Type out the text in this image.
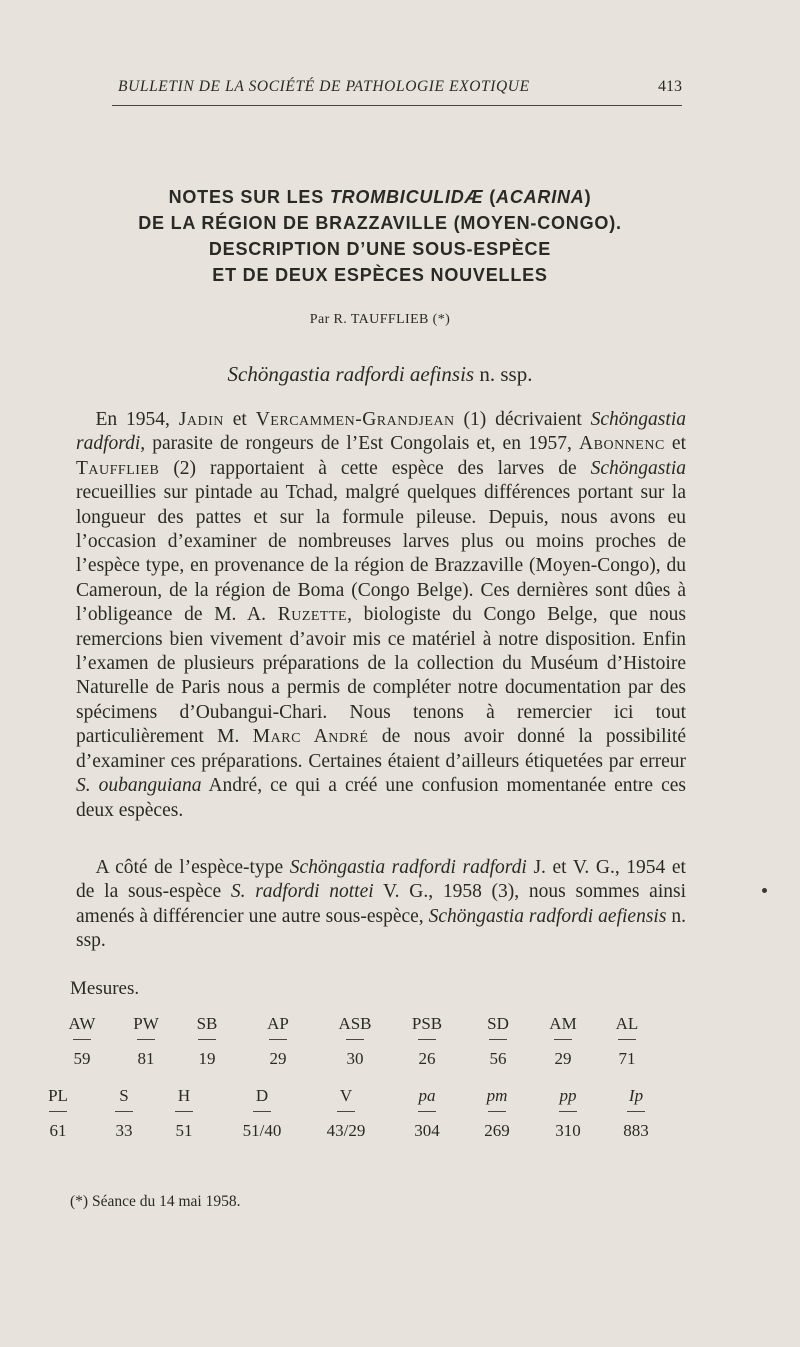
BULLETIN DE LA SOCIÉTÉ DE PATHOLOGIE EXOTIQUE	413
NOTES SUR LES TROMBICULIDÆ (ACARINA)
DE LA RÉGION DE BRAZZAVILLE (MOYEN-CONGO).
DESCRIPTION D’UNE SOUS-ESPÈCE
ET DE DEUX ESPÈCES NOUVELLES
Par R. TAUFFLIEB (*)
Schöngastia radfordi aefinsis n. ssp.

 En 1954, Jadin et Vercammen-Grandjean (1) décrivaient Schöngastia radfordi, parasite de rongeurs de l’Est Congolais et, en 1957, Abonnenc et Taufflieb (2) rapportaient à cette espèce des larves de Schöngastia recueillies sur pintade au Tchad, malgré quelques différences portant sur la longueur des pattes et sur la formule pileuse. Depuis, nous avons eu l’occasion d’examiner de nombreuses larves plus ou moins proches de l’espèce type, en provenance de la région de Brazzaville (Moyen-Congo), du Cameroun, de la région de Boma (Congo Belge). Ces dernières sont dûes à l’obligeance de M. A. Ruzette, biologiste du Congo Belge, que nous remercions bien vivement d’avoir mis ce matériel à notre disposition. Enfin l’examen de plusieurs préparations de la collection du Muséum d’Histoire Naturelle de Paris nous a permis de compléter notre documentation par des spécimens d’Oubangui-Chari. Nous tenons à remercier ici tout particulièrement M. Marc André de nous avoir donné la possibilité d’examiner ces préparations. Certaines étaient d’ailleurs étiquetées par erreur S. oubanguiana André, ce qui a créé une confusion momentanée entre ces deux espèces.

 A côté de l’espèce-type Schöngastia radfordi radfordi J. et V. G., 1954 et de la sous-espèce S. radfordi nottei V. G., 1958 (3), nous sommes ainsi amenés à différencier une autre sous-espèce, Schöngastia radfordi aefiensis n. ssp.

Mesures.
AW
59
PW
81
SB
19
AP
29
ASB
30
PSB
26
SD
56
AM
29
AL
71
PL
61
S
33
H
51
D
51/40
V
43/29
pa
304
pm
269
pp
310
Ip
883
(*) Séance du 14 mai 1958.
